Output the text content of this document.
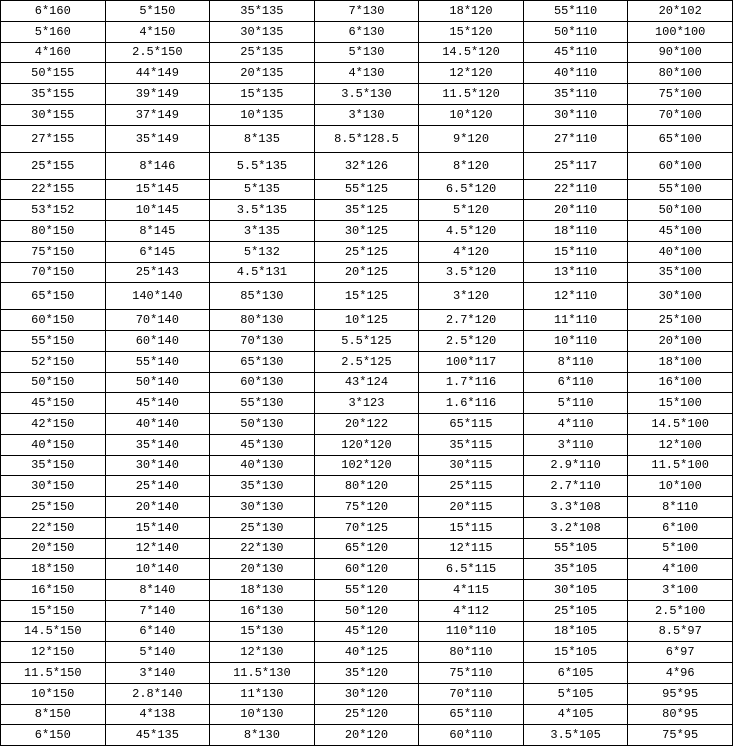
6*160	5*150	35*135	7*130	18*120	55*110	20*102
5*160	4*150	30*135	6*130	15*120	50*110	100*100
4*160	2.5*150	25*135	5*130	14.5*120	45*110	90*100
50*155	44*149	20*135	4*130	12*120	40*110	80*100
35*155	39*149	15*135	3.5*130	11.5*120	35*110	75*100
30*155	37*149	10*135	3*130	10*120	30*110	70*100
27*155	35*149	8*135	8.5*128.5	9*120	27*110	65*100
25*155	8*146	5.5*135	32*126	8*120	25*117	60*100
22*155	15*145	5*135	55*125	6.5*120	22*110	55*100
53*152	10*145	3.5*135	35*125	5*120	20*110	50*100
80*150	8*145	3*135	30*125	4.5*120	18*110	45*100
75*150	6*145	5*132	25*125	4*120	15*110	40*100
70*150	25*143	4.5*131	20*125	3.5*120	13*110	35*100
65*150	140*140	85*130	15*125	3*120	12*110	30*100
60*150	70*140	80*130	10*125	2.7*120	11*110	25*100
55*150	60*140	70*130	5.5*125	2.5*120	10*110	20*100
52*150	55*140	65*130	2.5*125	100*117	8*110	18*100
50*150	50*140	60*130	43*124	1.7*116	6*110	16*100
45*150	45*140	55*130	3*123	1.6*116	5*110	15*100
42*150	40*140	50*130	20*122	65*115	4*110	14.5*100
40*150	35*140	45*130	120*120	35*115	3*110	12*100
35*150	30*140	40*130	102*120	30*115	2.9*110	11.5*100
30*150	25*140	35*130	80*120	25*115	2.7*110	10*100
25*150	20*140	30*130	75*120	20*115	3.3*108	8*110
22*150	15*140	25*130	70*125	15*115	3.2*108	6*100
20*150	12*140	22*130	65*120	12*115	55*105	5*100
18*150	10*140	20*130	60*120	6.5*115	35*105	4*100
16*150	8*140	18*130	55*120	4*115	30*105	3*100
15*150	7*140	16*130	50*120	4*112	25*105	2.5*100
14.5*150	6*140	15*130	45*120	110*110	18*105	8.5*97
12*150	5*140	12*130	40*125	80*110	15*105	6*97
11.5*150	3*140	11.5*130	35*120	75*110	6*105	4*96
10*150	2.8*140	11*130	30*120	70*110	5*105	95*95
8*150	4*138	10*130	25*120	65*110	4*105	80*95
6*150	45*135	8*130	20*120	60*110	3.5*105	75*95
